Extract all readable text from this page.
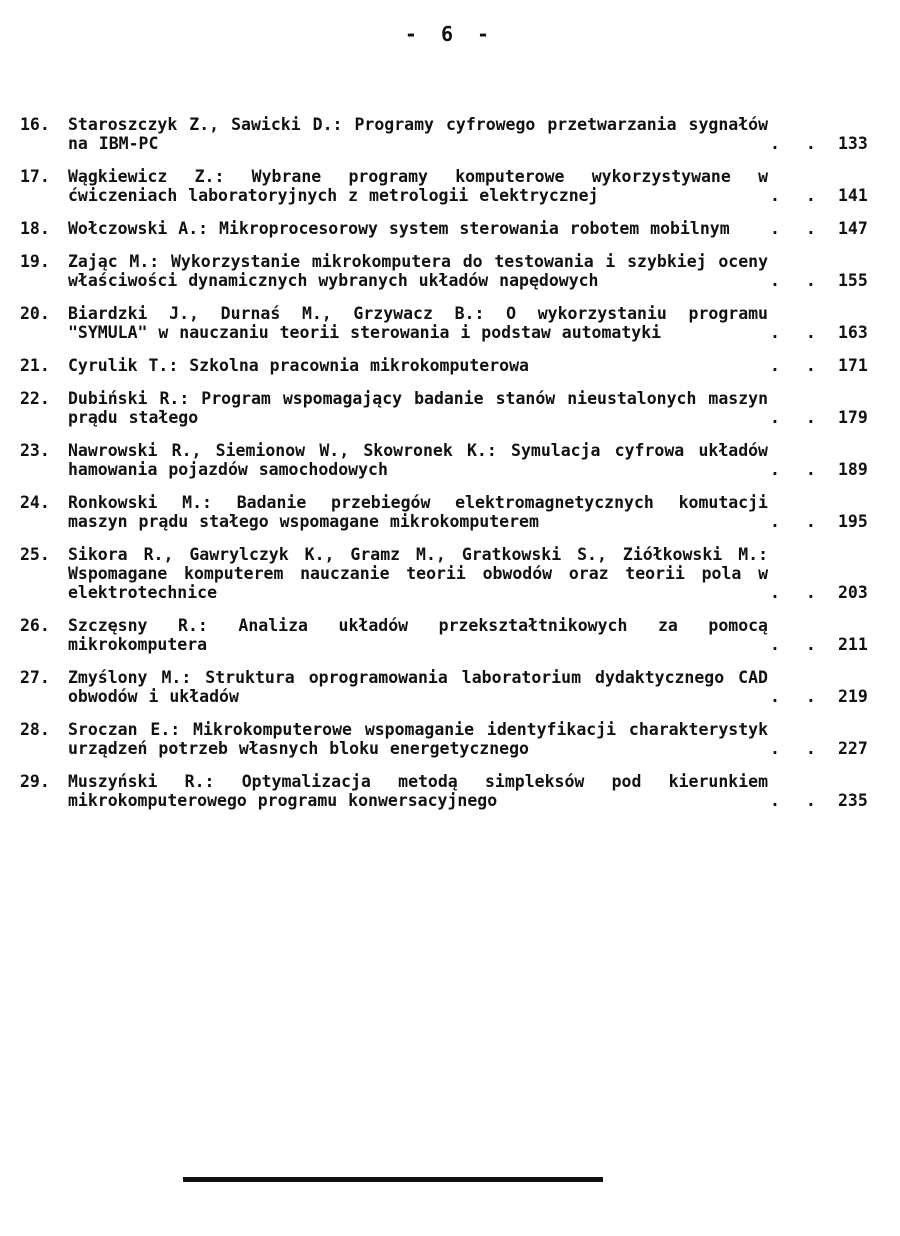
- 6 -
16.	Staroszczyk Z., Sawicki D.: Programy cyfrowego przetwarzania sygnałów na IBM-PC	. . 133
17.	Wągkiewicz Z.: Wybrane programy komputerowe wykorzystywane w ćwiczeniach laboratoryjnych z metrologii elektrycznej	. . 141
18.	Wołczowski A.: Mikroprocesorowy system sterowania robotem mobilnym	. . 147
19.	Zając M.: Wykorzystanie mikrokomputera do testowania i szybkiej oceny właściwości dynamicznych wybranych układów napędowych	. . 155
20.	Biardzki J., Durnaś M., Grzywacz B.: O wykorzystaniu programu "SYMULA" w nauczaniu teorii sterowania i podstaw automatyki	. . 163
21.	Cyrulik T.: Szkolna pracownia mikrokomputerowa	. . 171
22.	Dubiński R.: Program wspomagający badanie stanów nieustalonych maszyn prądu stałego	. . 179
23.	Nawrowski R., Siemionow W., Skowronek K.: Symulacja cyfrowa układów hamowania pojazdów samochodowych	. . 189
24.	Ronkowski M.: Badanie przebiegów elektromagnetycznych komutacji maszyn prądu stałego wspomagane mikrokomputerem	. . 195
25.	Sikora R., Gawrylczyk K., Gramz M., Gratkowski S., Ziółkowski M.: Wspomagane komputerem nauczanie teorii obwodów oraz teorii pola w elektrotechnice	. . 203
26.	Szczęsny R.: Analiza układów przekształtnikowych za pomocą mikrokomputera	. . 211
27.	Zmyślony M.: Struktura oprogramowania laboratorium dydaktycznego CAD obwodów i układów	. . 219
28.	Sroczan E.: Mikrokomputerowe wspomaganie identyfikacji charakterystyk urządzeń potrzeb własnych bloku energetycznego	. . 227
29.	Muszyński R.: Optymalizacja metodą simpleksów pod kierunkiem mikrokomputerowego programu konwersacyjnego	. . 235
